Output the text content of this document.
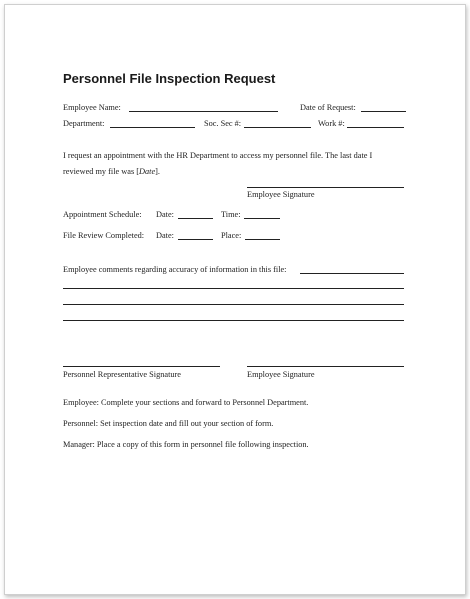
Personnel File Inspection Request
Employee Name:	Date of Request:
Department:	Soc. Sec #:	Work #:
I request an appointment with the HR Department to access my personnel file. The last date I
reviewed my file was [Date].
Employee Signature
Appointment Schedule: Date:	Time:
File Review Completed: Date:	Place:
Employee comments regarding accuracy of information in this file:
Personnel Representative Signature	Employee Signature
Employee: Complete your sections and forward to Personnel Department.
Personnel: Set inspection date and fill out your section of form.
Manager: Place a copy of this form in personnel file following inspection.
